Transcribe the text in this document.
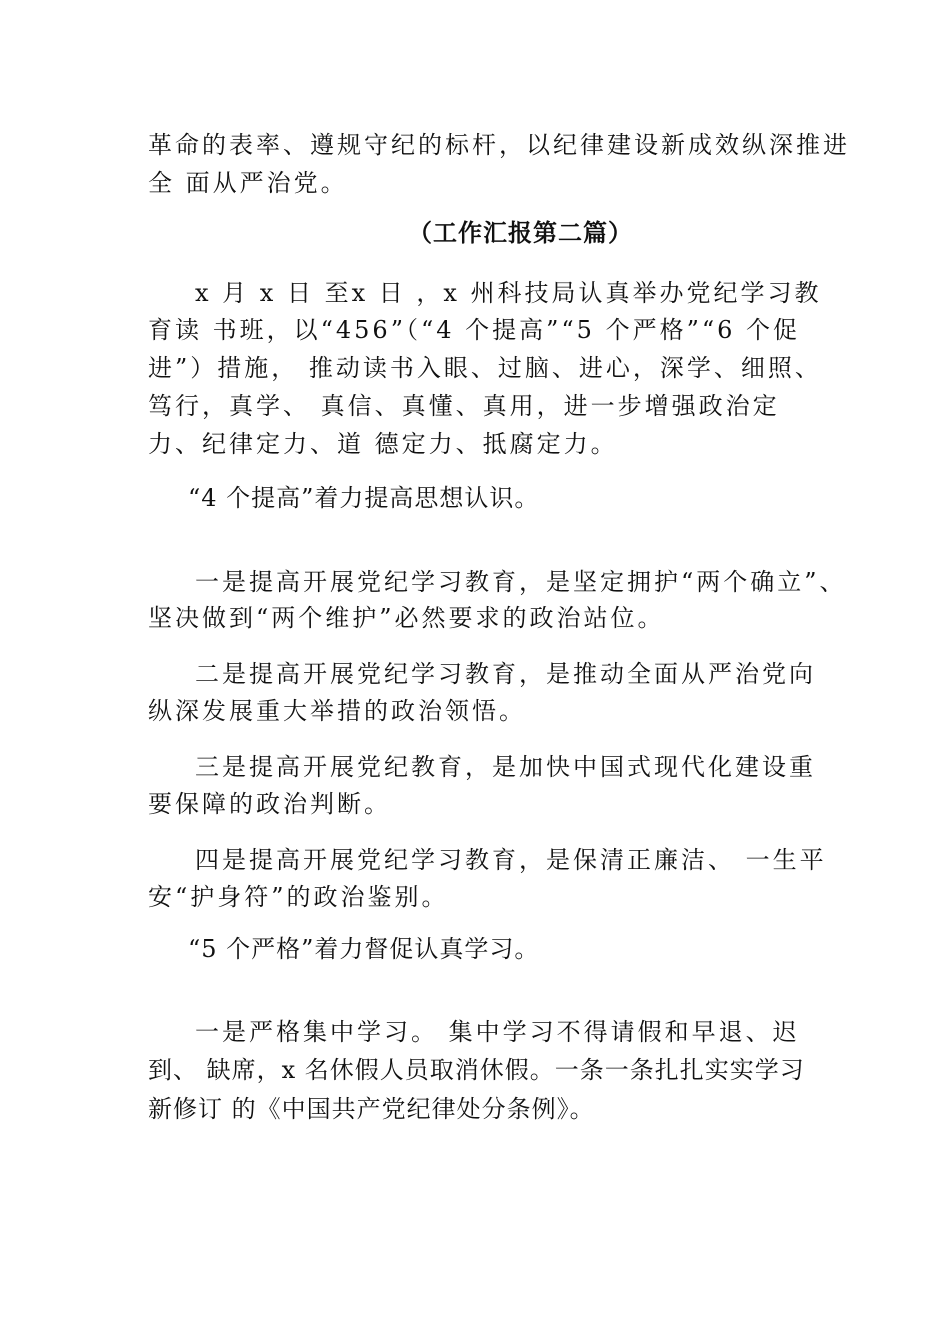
革命的表率、遵规守纪的标杆，以纪律建设新成效纵深推进
全 面从严治党。
（工作汇报第二篇）
x 月 x 日 至x 日 ，x 州科技局认真举办党纪学习教
育读 书班，以“456”（“4 个提高”“5 个严格”“6 个促
进”）措施， 推动读书入眼、过脑、进心，深学、细照、
笃行，真学、 真信、真懂、真用，进一步增强政治定
力、纪律定力、道 德定力、抵腐定力。
“4 个提高”着力提高思想认识。
一是提高开展党纪学习教育，是坚定拥护“两个确立”、
坚决做到“两个维护”必然要求的政治站位。
二是提高开展党纪学习教育，是推动全面从严治党向
纵深发展重大举措的政治领悟。
三是提高开展党纪教育，是加快中国式现代化建设重
要保障的政治判断。
四是提高开展党纪学习教育，是保清正廉洁、 一生平
安“护身符”的政治鉴别。
“5 个严格”着力督促认真学习。
一是严格集中学习。 集中学习不得请假和早退、迟
到、 缺席，x 名休假人员取消休假。一条一条扎扎实实学习
新修订 的《中国共产党纪律处分条例》。
